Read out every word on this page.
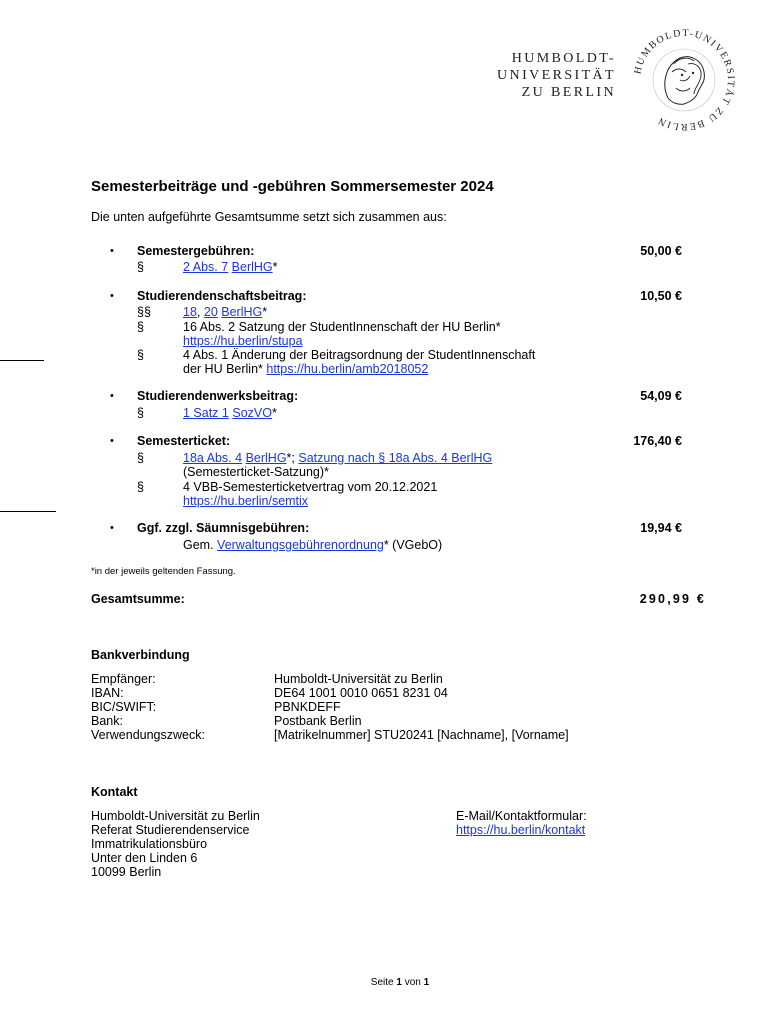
HUMBOLDT-
UNIVERSITÄT
ZU BERLIN
HUMBOLDT-UNIVERSITÄT ZU BERLIN
Semesterbeiträge und -gebühren Sommersemester 2024
Die unten aufgeführte Gesamtsumme setzt sich zusammen aus:
• Semestergebühren:	50,00 €
§	2 Abs. 7 BerlHG*
• Studierendenschaftsbeitrag:	10,50 €
§§	18, 20 BerlHG*
§	16 Abs. 2 Satzung der StudentInnenschaft der HU Berlin*
https://hu.berlin/stupa
§	4 Abs. 1 Änderung der Beitragsordnung der StudentInnenschaft
der HU Berlin* https://hu.berlin/amb2018052
• Studierendenwerksbeitrag:	54,09 €
§	1 Satz 1 SozVO*
• Semesterticket:	176,40 €
§	18a Abs. 4 BerlHG*; Satzung nach § 18a Abs. 4 BerlHG
(Semesterticket-Satzung)*
§	4 VBB-Semesterticketvertrag vom 20.12.2021
https://hu.berlin/semtix
• Ggf. zzgl. Säumnisgebühren:	19,94 €
Gem. Verwaltungsgebührenordnung* (VGebO)
*in der jeweils geltenden Fassung.
Gesamtsumme:	290,99 €
Bankverbindung
Empfänger:	Humboldt-Universität zu Berlin
IBAN:	DE64 1001 0010 0651 8231 04
BIC/SWIFT:	PBNKDEFF
Bank:	Postbank Berlin
Verwendungszweck:	[Matrikelnummer] STU20241 [Nachname], [Vorname]
Kontakt
Humboldt-Universität zu Berlin
Referat Studierendenservice
Immatrikulationsbüro
Unter den Linden 6
10099 Berlin
E-Mail/Kontaktformular:
https://hu.berlin/kontakt
Seite 1 von 1
